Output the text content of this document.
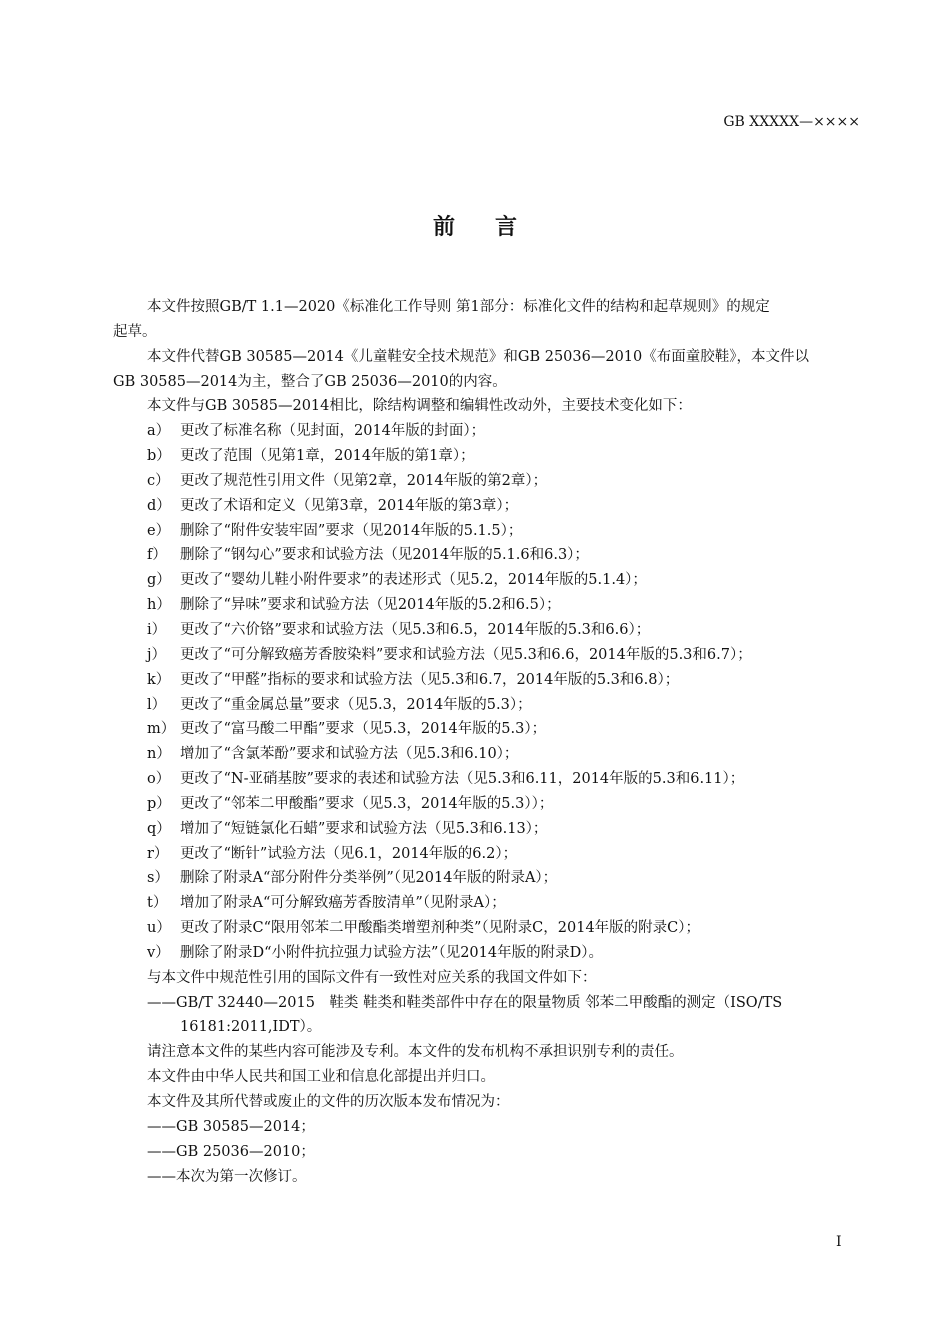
GB XXXXX—××××
前 言
本文件按照GB/T 1.1—2020《标准化工作导则 第1部分：标准化文件的结构和起草规则》的规定
起草。
本文件代替GB 30585—2014《儿童鞋安全技术规范》和GB 25036—2010《布面童胶鞋》，本文件以
GB 30585—2014为主，整合了GB 25036—2010的内容。
本文件与GB 30585—2014相比，除结构调整和编辑性改动外，主要技术变化如下：
a） 更改了标准名称（见封面，2014年版的封面）；
b） 更改了范围（见第1章，2014年版的第1章）；
c） 更改了规范性引用文件（见第2章，2014年版的第2章）；
d） 更改了术语和定义（见第3章，2014年版的第3章）；
e） 删除了“附件安装牢固”要求（见2014年版的5.1.5）；
f） 删除了“钢勾心”要求和试验方法（见2014年版的5.1.6和6.3）；
g） 更改了“婴幼儿鞋小附件要求”的表述形式（见5.2，2014年版的5.1.4）；
h） 删除了“异味”要求和试验方法（见2014年版的5.2和6.5）；
i） 更改了“六价铬”要求和试验方法（见5.3和6.5，2014年版的5.3和6.6）；
j） 更改了“可分解致癌芳香胺染料”要求和试验方法（见5.3和6.6，2014年版的5.3和6.7）；
k） 更改了“甲醛”指标的要求和试验方法（见5.3和6.7，2014年版的5.3和6.8）；
l） 更改了“重金属总量”要求（见5.3，2014年版的5.3）；
m） 更改了“富马酸二甲酯”要求（见5.3，2014年版的5.3）；
n） 增加了“含氯苯酚”要求和试验方法（见5.3和6.10）；
o） 更改了“N-亚硝基胺”要求的表述和试验方法（见5.3和6.11，2014年版的5.3和6.11）；
p） 更改了“邻苯二甲酸酯”要求（见5.3，2014年版的5.3））；
q） 增加了“短链氯化石蜡”要求和试验方法（见5.3和6.13）；
r） 更改了“断针”试验方法（见6.1，2014年版的6.2）；
s） 删除了附录A“部分附件分类举例”（见2014年版的附录A）；
t） 增加了附录A“可分解致癌芳香胺清单”（见附录A）；
u） 更改了附录C“限用邻苯二甲酸酯类增塑剂种类”（见附录C，2014年版的附录C）；
v） 删除了附录D“小附件抗拉强力试验方法”（见2014年版的附录D）。
与本文件中规范性引用的国际文件有一致性对应关系的我国文件如下：
——GB/T 32440—2015　鞋类 鞋类和鞋类部件中存在的限量物质 邻苯二甲酸酯的测定（ISO/TS
16181:2011,IDT）。
请注意本文件的某些内容可能涉及专利。本文件的发布机构不承担识别专利的责任。
本文件由中华人民共和国工业和信息化部提出并归口。
本文件及其所代替或废止的文件的历次版本发布情况为：
——GB 30585—2014；
——GB 25036—2010；
——本次为第一次修订。
I
